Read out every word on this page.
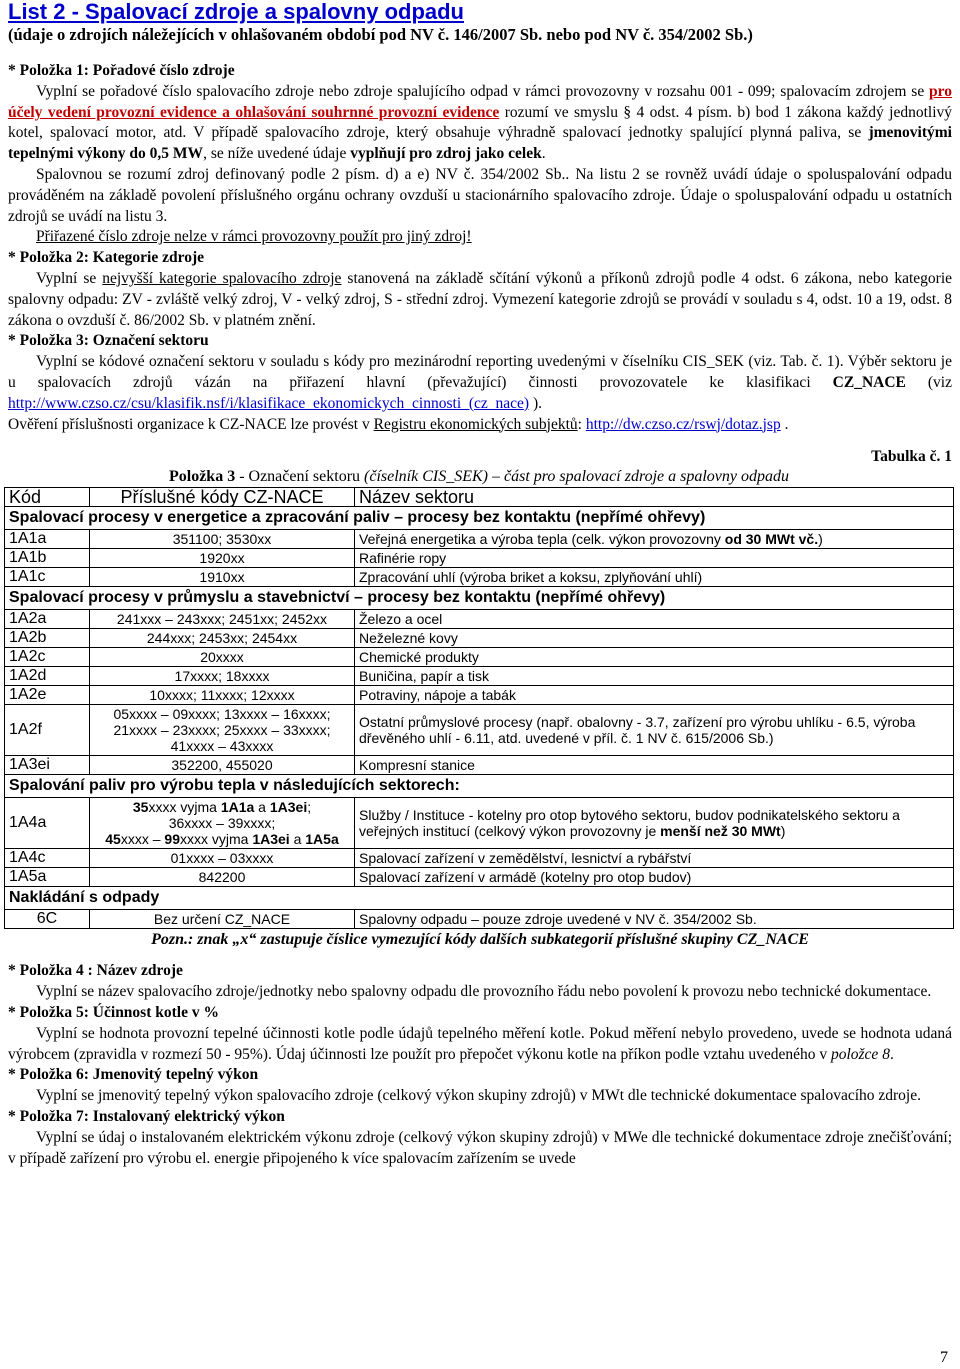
List 2 - Spalovací zdroje a spalovny odpadu
(údaje o zdrojích náležejících v ohlašovaném období pod NV č. 146/2007 Sb. nebo pod NV č. 354/2002 Sb.)

* Položka 1: Pořadové číslo zdroje

Vyplní se pořadové číslo spalovacího zdroje nebo zdroje spalujícího odpad v rámci provozovny v rozsahu 001 - 099; spalovacím zdrojem se pro účely vedení provozní evidence a ohlašování souhrnné provozní evidence rozumí ve smyslu § 4 odst. 4 písm. b) bod 1 zákona každý jednotlivý kotel, spalovací motor, atd. V případě spalovacího zdroje, který obsahuje výhradně spalovací jednotky spalující plynná paliva, se jmenovitými tepelnými výkony do 0,5 MW, se níže uvedené údaje vyplňují pro zdroj jako celek.

Spalovnou se rozumí zdroj definovaný podle 2 písm. d) a e) NV č. 354/2002 Sb.. Na listu 2 se rovněž uvádí údaje o spoluspalování odpadu prováděném na základě povolení příslušného orgánu ochrany ovzduší u stacionárního spalovacího zdroje. Údaje o spoluspalování odpadu u ostatních zdrojů se uvádí na listu 3.

Přiřazené číslo zdroje nelze v rámci provozovny použít pro jiný zdroj!

* Položka 2: Kategorie zdroje

Vyplní se nejvyšší kategorie spalovacího zdroje stanovená na základě sčítání výkonů a příkonů zdrojů podle 4 odst. 6 zákona, nebo kategorie spalovny odpadu: ZV - zvláště velký zdroj, V - velký zdroj, S - střední zdroj. Vymezení kategorie zdrojů se provádí v souladu s 4, odst. 10 a 19, odst. 8 zákona o ovzduší č. 86/2002 Sb. v platném znění.

* Položka 3: Označení sektoru

Vyplní se kódové označení sektoru v souladu s kódy pro mezinárodní reporting uvedenými v číselníku CIS_SEK (viz. Tab. č. 1). Výběr sektoru je u spalovacích zdrojů vázán na přiřazení hlavní (převažující) činnosti provozovatele ke klasifikaci CZ_NACE (viz http://www.czso.cz/csu/klasifik.nsf/i/klasifikace_ekonomickych_cinnosti_(cz_nace) ).

Ověření příslušnosti organizace k CZ-NACE lze provést v Registru ekonomických subjektů: http://dw.czso.cz/rswj/dotaz.jsp .

Tabulka č. 1
Položka 3 - Označení sektoru (číselník CIS_SEK) – část pro spalovací zdroje a spalovny odpadu		
Kód	Příslušné kódy CZ-NACE	Název sektoru
Spalovací procesy v energetice a zpracování paliv – procesy bez kontaktu (nepřímé ohřevy)		
1A1a	351100; 3530xx	Veřejná energetika a výroba tepla (celk. výkon provozovny od 30 MWt vč.)
1A1b	1920xx	Rafinérie ropy
1A1c	1910xx	Zpracování uhlí (výroba briket a koksu, zplyňování uhlí)
Spalovací procesy v průmyslu a stavebnictví – procesy bez kontaktu (nepřímé ohřevy)		
1A2a	241xxx – 243xxx; 2451xx; 2452xx	Železo a ocel
1A2b	244xxx; 2453xx; 2454xx	Neželezné kovy
1A2c	20xxxx	Chemické produkty
1A2d	17xxxx; 18xxxx	Buničina, papír a tisk
1A2e	10xxxx; 11xxxx; 12xxxx	Potraviny, nápoje a tabák
1A2f	05xxxx – 09xxxx; 13xxxx – 16xxxx;
21xxxx – 23xxxx; 25xxxx – 33xxxx;
41xxxx – 43xxxx	Ostatní průmyslové procesy (např. obalovny - 3.7, zařízení pro výrobu uhlíku - 6.5, výroba dřevěného uhlí - 6.11, atd. uvedené v příl. č. 1 NV č. 615/2006 Sb.)
1A3ei	352200, 455020	Kompresní stanice
Spalování paliv pro výrobu tepla v následujících sektorech:		
1A4a	35xxxx vyjma 1A1a a 1A3ei;
36xxxx – 39xxxx;
45xxxx – 99xxxx vyjma 1A3ei a 1A5a	Služby / Instituce - kotelny pro otop bytového sektoru, budov podnikatelského sektoru a veřejných institucí (celkový výkon provozovny je menší než 30 MWt)
1A4c	01xxxx – 03xxxx	Spalovací zařízení v zemědělství, lesnictví a rybářství
1A5a	842200	Spalovací zařízení v armádě (kotelny pro otop budov)
Nakládání s odpady		
6C	Bez určení CZ_NACE	Spalovny odpadu – pouze zdroje uvedené v NV č. 354/2002 Sb.
Pozn.: znak „x“ zastupuje číslice vymezující kódy dalších subkategorií příslušné skupiny CZ_NACE

* Položka 4 : Název zdroje

Vyplní se název spalovacího zdroje/jednotky nebo spalovny odpadu dle provozního řádu nebo povolení k provozu nebo technické dokumentace.

* Položka 5: Účinnost kotle v %

Vyplní se hodnota provozní tepelné účinnosti kotle podle údajů tepelného měření kotle. Pokud měření nebylo provedeno, uvede se hodnota udaná výrobcem (zpravidla v rozmezí 50 - 95%). Údaj účinnosti lze použít pro přepočet výkonu kotle na příkon podle vztahu uvedeného v položce 8.

* Položka 6: Jmenovitý tepelný výkon

Vyplní se jmenovitý tepelný výkon spalovacího zdroje (celkový výkon skupiny zdrojů) v MWt dle technické dokumentace spalovacího zdroje.

* Položka 7: Instalovaný elektrický výkon

Vyplní se údaj o instalovaném elektrickém výkonu zdroje (celkový výkon skupiny zdrojů) v MWe dle technické dokumentace zdroje znečišťování; v případě zařízení pro výrobu el. energie připojeného k více spalovacím zařízením se uvede

7
